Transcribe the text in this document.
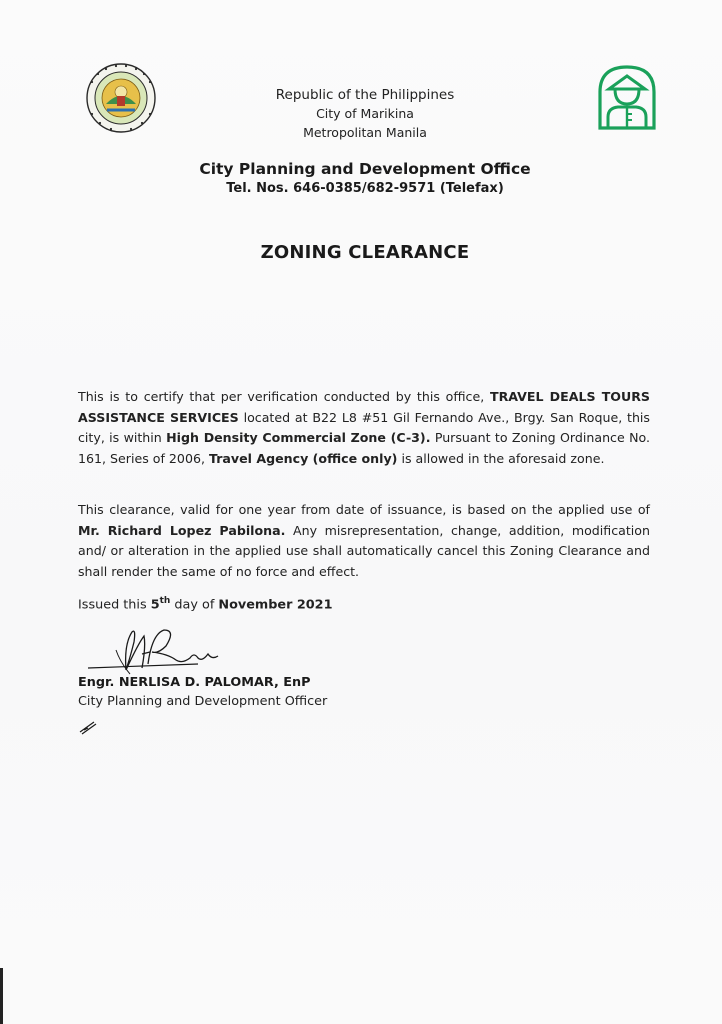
Republic of the Philippines
City of Marikina
Metropolitan Manila
City Planning and Development Office
Tel. Nos. 646-0385/682-9571 (Telefax)
ZONING CLEARANCE
This is to certify that per verification conducted by this office, TRAVEL DEALS TOURS ASSISTANCE SERVICES located at B22 L8 #51 Gil Fernando Ave., Brgy. San Roque, this city, is within High Density Commercial Zone (C-3). Pursuant to Zoning Ordinance No. 161, Series of 2006, Travel Agency (office only) is allowed in the aforesaid zone.
This clearance, valid for one year from date of issuance, is based on the applied use of Mr. Richard Lopez Pabilona. Any misrepresentation, change, addition, modification and/ or alteration in the applied use shall automatically cancel this Zoning Clearance and shall render the same of no force and effect.
Issued this 5th day of November 2021
Engr. NERLISA D. PALOMAR, EnP
City Planning and Development Officer
